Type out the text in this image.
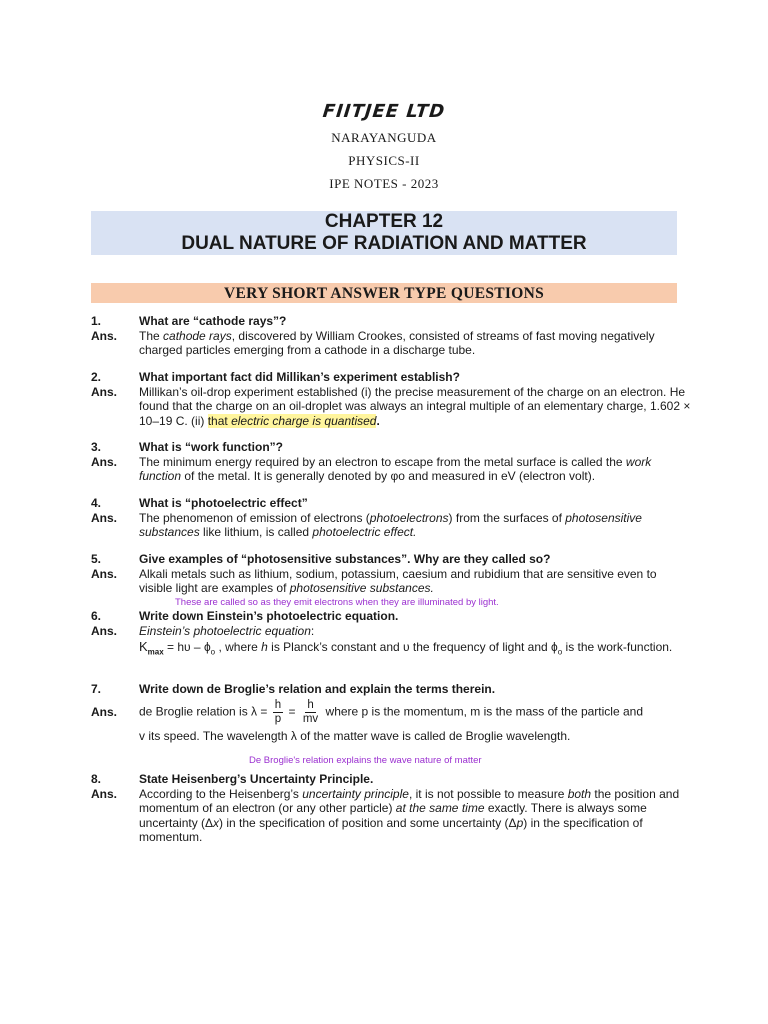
FIITJEE LTD
NARAYANGUDA
PHYSICS-II
IPE NOTES - 2023
CHAPTER 12
DUAL NATURE OF RADIATION AND MATTER
VERY SHORT ANSWER TYPE QUESTIONS
1.	What are “cathode rays”?
Ans.	The cathode rays, discovered by William Crookes, consisted of streams of fast moving negatively charged particles emerging from a cathode in a discharge tube.
2.	What important fact did Millikan’s experiment establish?
Ans.	Millikan’s oil-drop experiment established (i) the precise measurement of the charge on an electron. He found that the charge on an oil-droplet was always an integral multiple of an elementary charge, 1.602 × 10–19 C. (ii) that electric charge is quantised.
3.	What is “work function”?
Ans.	The minimum energy required by an electron to escape from the metal surface is called the work function of the metal. It is generally denoted by φo and measured in eV (electron volt).
4.	What is “photoelectric effect”
Ans.	The phenomenon of emission of electrons (photoelectrons) from the surfaces of photosensitive substances like lithium, is called photoelectric effect.
5.	Give examples of “photosensitive substances”. Why are they called so?
Ans.	Alkali metals such as lithium, sodium, potassium, caesium and rubidium that are sensitive even to visible light are examples of photosensitive substances.
These are called so as they emit electrons when they are illuminated by light.
6.	Write down Einstein’s photoelectric equation.
Ans.	Einstein’s photoelectric equation:
$K_{max} = h\upsilon - \phi_o$ , where h is Planck’s constant and υ the frequency of light and $\phi_o$ is the work-function.
7.	Write down de Broglie’s relation and explain the terms therein.
Ans.	de Broglie relation is $\lambda = \frac{h}{p} = \frac{h}{mv}$ where p is the momentum, m is the mass of the particle and
v its speed. The wavelength λ of the matter wave is called de Broglie wavelength.
De Broglie's relation explains the wave nature of matter
8.	State Heisenberg’s Uncertainty Principle.
Ans.	According to the Heisenberg’s uncertainty principle, it is not possible to measure both the position and momentum of an electron (or any other particle) at the same time exactly. There is always some uncertainty (Δx) in the specification of position and some uncertainty (Δp) in the specification of momentum.
